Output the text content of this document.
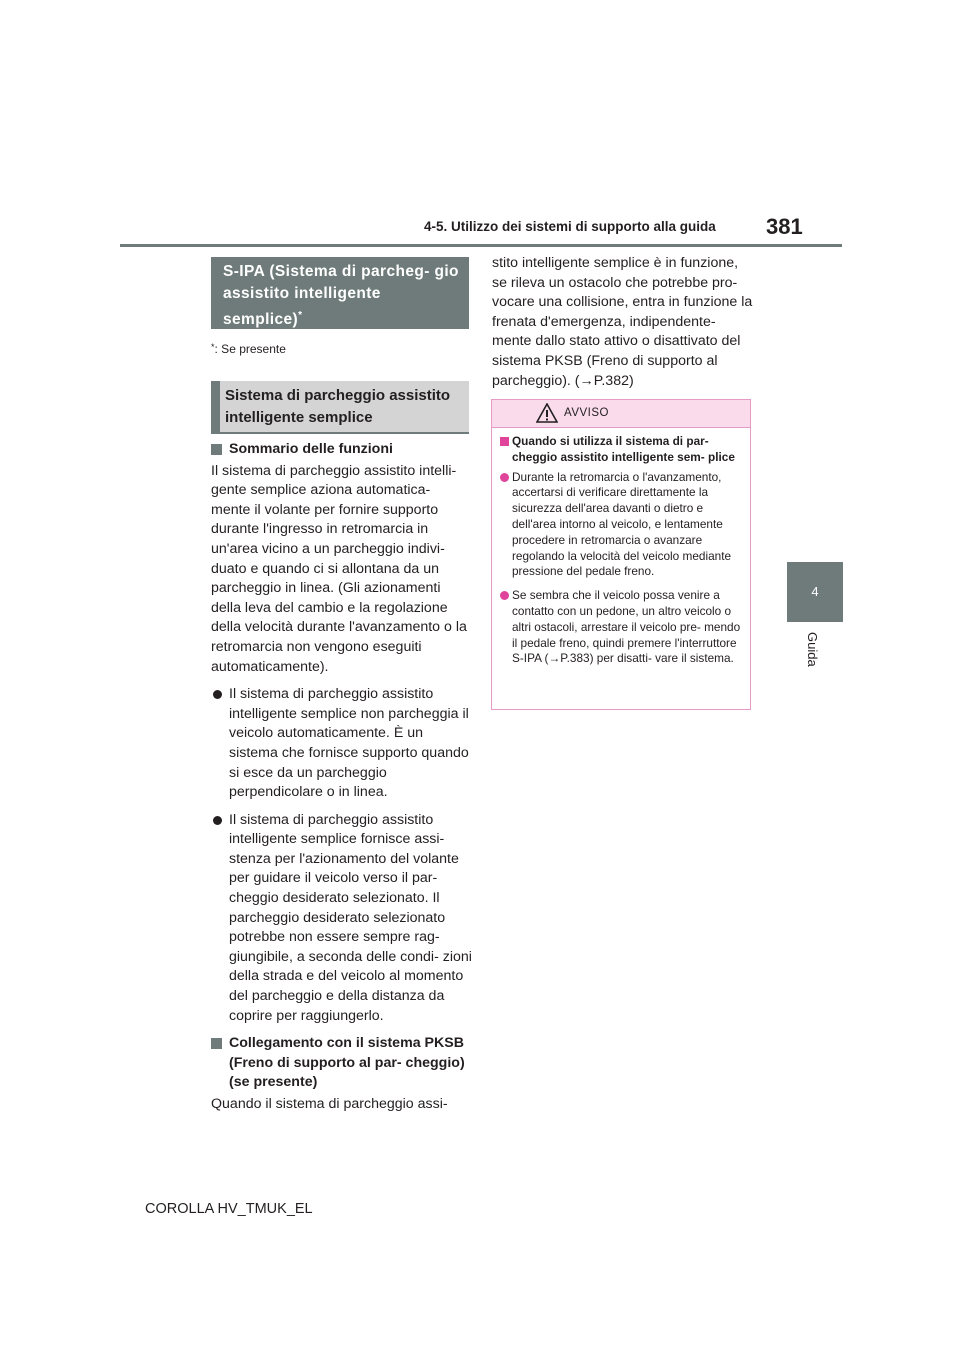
4-5. Utilizzo dei sistemi di supporto alla guida 381
4
Guida
S-IPA (Sistema di parcheg- gio assistito intelligente semplice)*
*: Se presente
Sistema di parcheggio assistito intelligente semplice
Sommario delle funzioni
Il sistema di parcheggio assistito intelli- gente semplice aziona automatica- mente il volante per fornire supporto durante l'ingresso in retromarcia in un'area vicino a un parcheggio indivi- duato e quando ci si allontana da un parcheggio in linea. (Gli azionamenti della leva del cambio e la regolazione della velocità durante l'avanzamento o la retromarcia non vengono eseguiti automaticamente).
Il sistema di parcheggio assistito intelligente semplice non parcheggia il veicolo automaticamente. È un sistema che fornisce supporto quando si esce da un parcheggio perpendicolare o in linea.
Il sistema di parcheggio assistito intelligente semplice fornisce assi- stenza per l'azionamento del volante per guidare il veicolo verso il par- cheggio desiderato selezionato. Il parcheggio desiderato selezionato potrebbe non essere sempre rag- giungibile, a seconda delle condi- zioni della strada e del veicolo al momento del parcheggio e della distanza da coprire per raggiungerlo.
Collegamento con il sistema PKSB (Freno di supporto al par- cheggio) (se presente)
Quando il sistema di parcheggio assi-
stito intelligente semplice è in funzione, se rileva un ostacolo che potrebbe pro- vocare una collisione, entra in funzione la frenata d'emergenza, indipendente- mente dallo stato attivo o disattivato del sistema PKSB (Freno di supporto al parcheggio). (→P.382)
AVVISO
Quando si utilizza il sistema di par- cheggio assistito intelligente sem- plice
Durante la retromarcia o l'avanzamento, accertarsi di verificare direttamente la sicurezza dell'area davanti o dietro e dell'area intorno al veicolo, e lentamente procedere in retromarcia o avanzare regolando la velocità del veicolo mediante pressione del pedale freno.
Se sembra che il veicolo possa venire a contatto con un pedone, un altro veicolo o altri ostacoli, arrestare il veicolo pre- mendo il pedale freno, quindi premere l'interruttore S-IPA (→P.383) per disatti- vare il sistema.
COROLLA HV_TMUK_EL
